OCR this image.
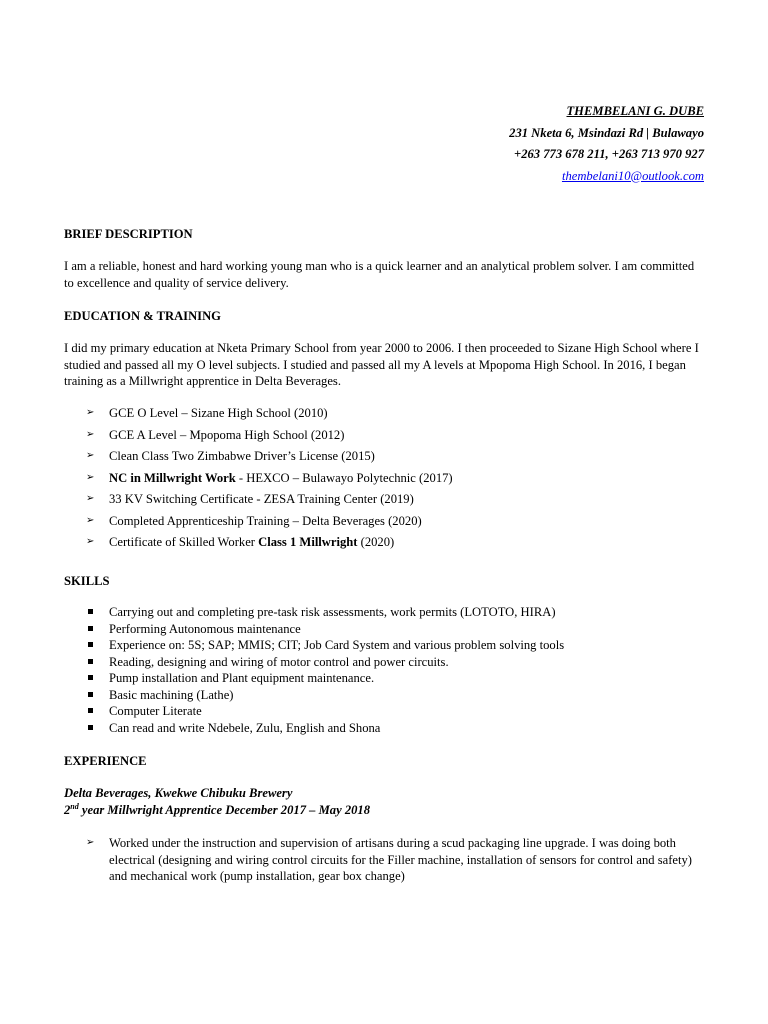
THEMBELANI G. DUBE
231 Nketa 6, Msindazi Rd | Bulawayo
+263 773 678 211, +263 713 970 927
thembelani10@outlook.com
BRIEF DESCRIPTION
I am a reliable, honest and hard working young man who is a quick learner and an analytical problem solver. I am committed to excellence and quality of service delivery.
EDUCATION & TRAINING
I did my primary education at Nketa Primary School from year 2000 to 2006. I then proceeded to Sizane High School where I studied and passed all my O level subjects. I studied and passed all my A levels at Mpopoma High School. In 2016, I began training as a Millwright apprentice in Delta Beverages.
➢ GCE O Level – Sizane High School (2010)
➢ GCE A Level – Mpopoma High School (2012)
➢ Clean Class Two Zimbabwe Driver’s License (2015)
➢ NC in Millwright Work - HEXCO – Bulawayo Polytechnic (2017)
➢ 33 KV Switching Certificate - ZESA Training Center (2019)
➢ Completed Apprenticeship Training – Delta Beverages (2020)
➢ Certificate of Skilled Worker Class 1 Millwright (2020)
SKILLS
Carrying out and completing pre-task risk assessments, work permits (LOTOTO, HIRA)
Performing Autonomous maintenance
Experience on: 5S; SAP; MMIS; CIT; Job Card System and various problem solving tools
Reading, designing and wiring of motor control and power circuits.
Pump installation and Plant equipment maintenance.
Basic machining (Lathe)
Computer Literate
Can read and write Ndebele, Zulu, English and Shona
EXPERIENCE
Delta Beverages, Kwekwe Chibuku Brewery
2nd year Millwright Apprentice December 2017 – May 2018
➢ Worked under the instruction and supervision of artisans during a scud packaging line upgrade. I was doing both electrical (designing and wiring control circuits for the Filler machine, installation of sensors for control and safety) and mechanical work (pump installation, gear box change)
